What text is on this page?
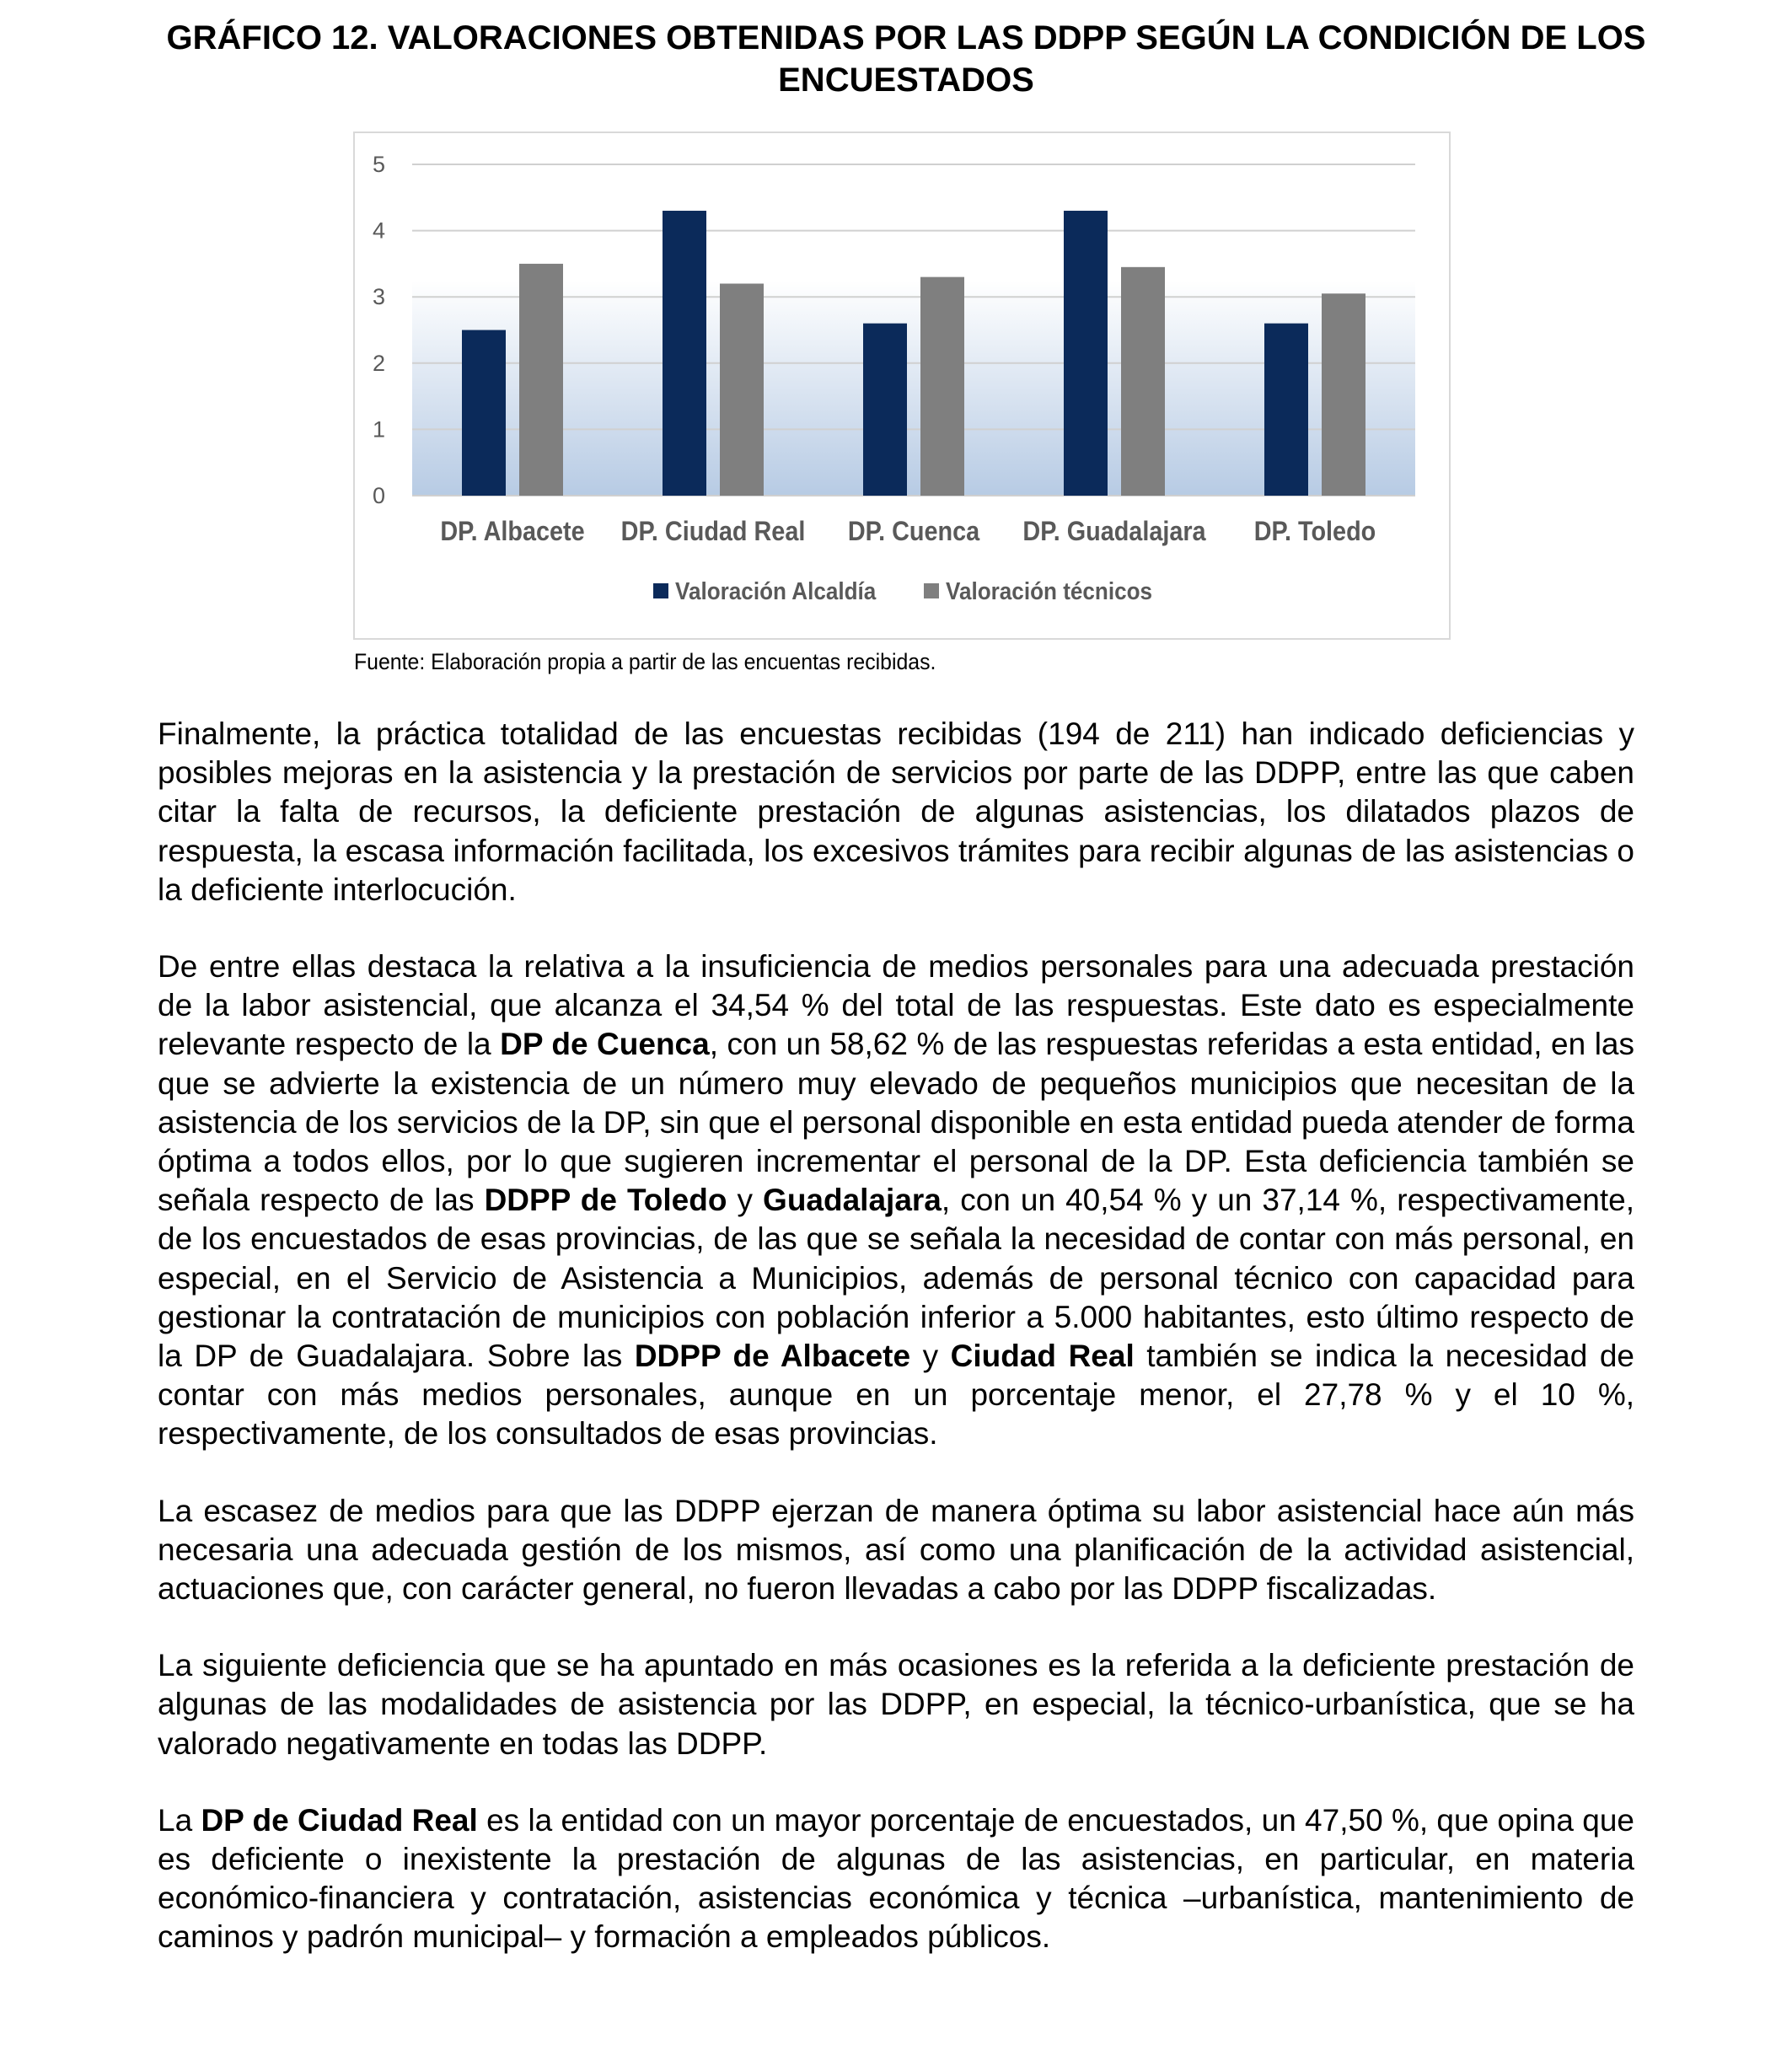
GRÁFICO 12. VALORACIONES OBTENIDAS POR LAS DDPP SEGÚN LA CONDICIÓN DE LOS ENCUESTADOS
0
1
2
3
4
5
DP. Albacete DP. Ciudad Real DP. Cuenca DP. Guadalajara DP. Toledo
Valoración Alcaldía	Valoración técnicos
Fuente: Elaboración propia a partir de las encuentas recibidas.

Finalmente, la práctica totalidad de las encuestas recibidas (194 de 211) han indicado deficiencias y posibles mejoras en la asistencia y la prestación de servicios por parte de las DDPP, entre las que caben citar la falta de recursos, la deficiente prestación de algunas asistencias, los dilatados plazos de respuesta, la escasa información facilitada, los excesivos trámites para recibir algunas de las asistencias o la deficiente interlocución.

De entre ellas destaca la relativa a la insuficiencia de medios personales para una adecuada prestación de la labor asistencial, que alcanza el 34,54 % del total de las respuestas. Este dato es especialmente relevante respecto de la DP de Cuenca, con un 58,62 % de las respuestas referidas a esta entidad, en las que se advierte la existencia de un número muy elevado de pequeños municipios que necesitan de la asistencia de los servicios de la DP, sin que el personal disponible en esta entidad pueda atender de forma óptima a todos ellos, por lo que sugieren incrementar el personal de la DP. Esta deficiencia también se señala respecto de las DDPP de Toledo y Guadalajara, con un 40,54 % y un 37,14 %, respectivamente, de los encuestados de esas provincias, de las que se señala la necesidad de contar con más personal, en especial, en el Servicio de Asistencia a Municipios, además de personal técnico con capacidad para gestionar la contratación de municipios con población inferior a 5.000 habitantes, esto último respecto de la DP de Guadalajara. Sobre las DDPP de Albacete y Ciudad Real también se indica la necesidad de contar con más medios personales, aunque en un porcentaje menor, el 27,78 % y el 10 %, respectivamente, de los consultados de esas provincias.

La escasez de medios para que las DDPP ejerzan de manera óptima su labor asistencial hace aún más necesaria una adecuada gestión de los mismos, así como una planificación de la actividad asistencial, actuaciones que, con carácter general, no fueron llevadas a cabo por las DDPP fiscalizadas.

La siguiente deficiencia que se ha apuntado en más ocasiones es la referida a la deficiente prestación de algunas de las modalidades de asistencia por las DDPP, en especial, la técnico-urbanística, que se ha valorado negativamente en todas las DDPP.

La DP de Ciudad Real es la entidad con un mayor porcentaje de encuestados, un 47,50 %, que opina que es deficiente o inexistente la prestación de algunas de las asistencias, en particular, en materia económico-financiera y contratación, asistencias económica y técnica –urbanística, mantenimiento de caminos y padrón municipal– y formación a empleados públicos.
